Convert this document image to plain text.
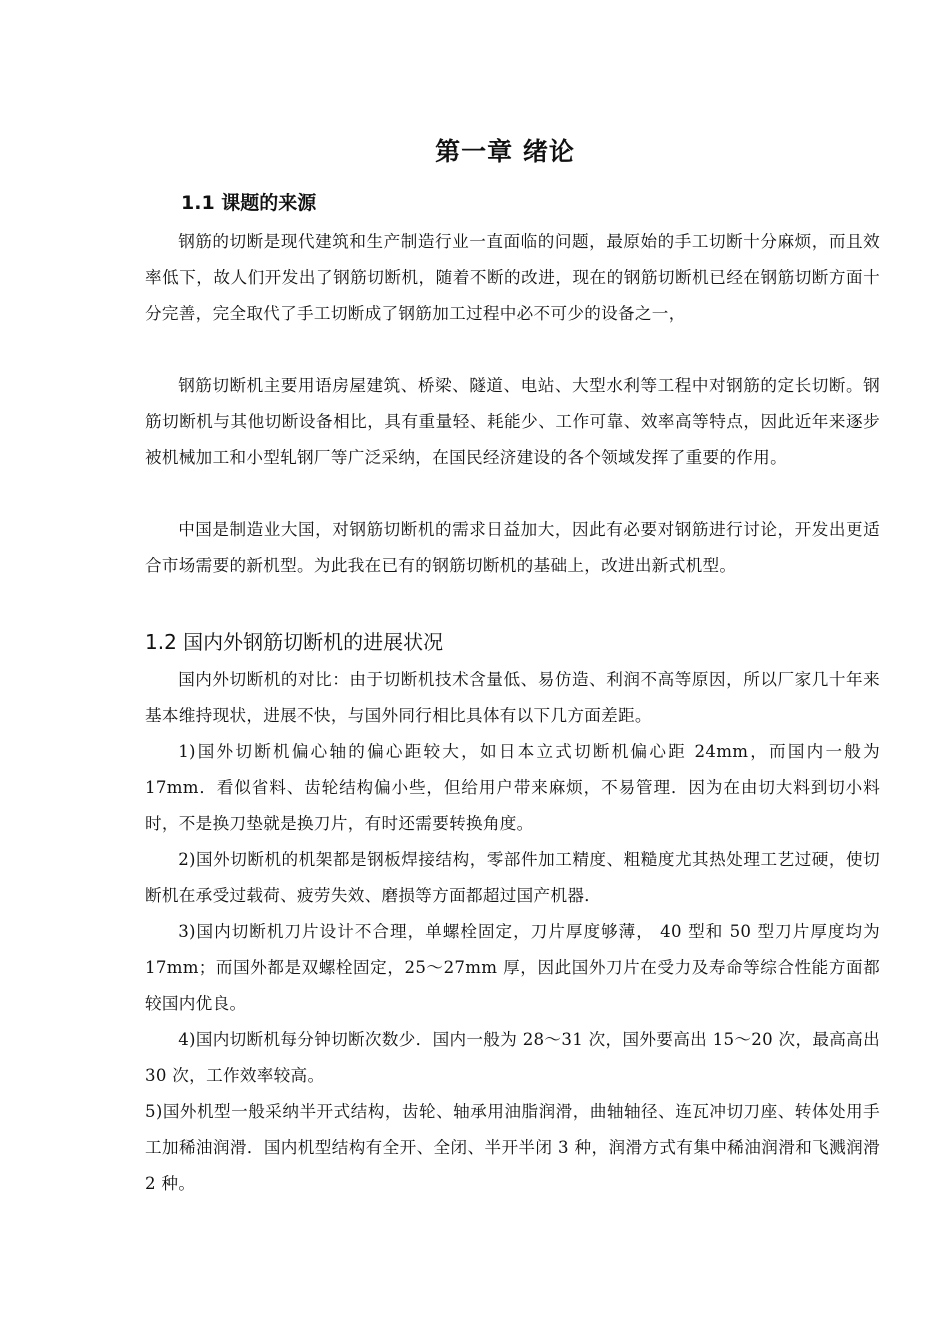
第一章 绪论
1.1 课题的来源
钢筋的切断是现代建筑和生产制造行业一直面临的问题，最原始的手工切断十分麻烦，而且效率低下，故人们开发出了钢筋切断机，随着不断的改进，现在的钢筋切断机已经在钢筋切断方面十分完善，完全取代了手工切断成了钢筋加工过程中必不可少的设备之一，
钢筋切断机主要用语房屋建筑、桥梁、隧道、电站、大型水利等工程中对钢筋的定长切断。钢筋切断机与其他切断设备相比，具有重量轻、耗能少、工作可靠、效率高等特点，因此近年来逐步被机械加工和小型轧钢厂等广泛采纳，在国民经济建设的各个领域发挥了重要的作用。
中国是制造业大国，对钢筋切断机的需求日益加大，因此有必要对钢筋进行讨论，开发出更适合市场需要的新机型。为此我在已有的钢筋切断机的基础上，改进出新式机型。
1.2 国内外钢筋切断机的进展状况
国内外切断机的对比：由于切断机技术含量低、易仿造、利润不高等原因，所以厂家几十年来基本维持现状，进展不快，与国外同行相比具体有以下几方面差距。
1)国外切断机偏心轴的偏心距较大，如日本立式切断机偏心距 24mm，而国内一般为 17mm．看似省料、齿轮结构偏小些，但给用户带来麻烦，不易管理．因为在由切大料到切小料时，不是换刀垫就是换刀片，有时还需要转换角度。
2)国外切断机的机架都是钢板焊接结构，零部件加工精度、粗糙度尤其热处理工艺过硬，使切断机在承受过载荷、疲劳失效、磨损等方面都超过国产机器．
3)国内切断机刀片设计不合理，单螺栓固定，刀片厚度够薄， 40 型和 50 型刀片厚度均为 17mm；而国外都是双螺栓固定，25～27mm 厚，因此国外刀片在受力及寿命等综合性能方面都较国内优良。
4)国内切断机每分钟切断次数少．国内一般为 28～31 次，国外要高出 15～20 次，最高高出 30 次，工作效率较高。
5)国外机型一般采纳半开式结构，齿轮、轴承用油脂润滑，曲轴轴径、连瓦冲切刀座、转体处用手工加稀油润滑．国内机型结构有全开、全闭、半开半闭 3 种，润滑方式有集中稀油润滑和飞溅润滑 2 种。
